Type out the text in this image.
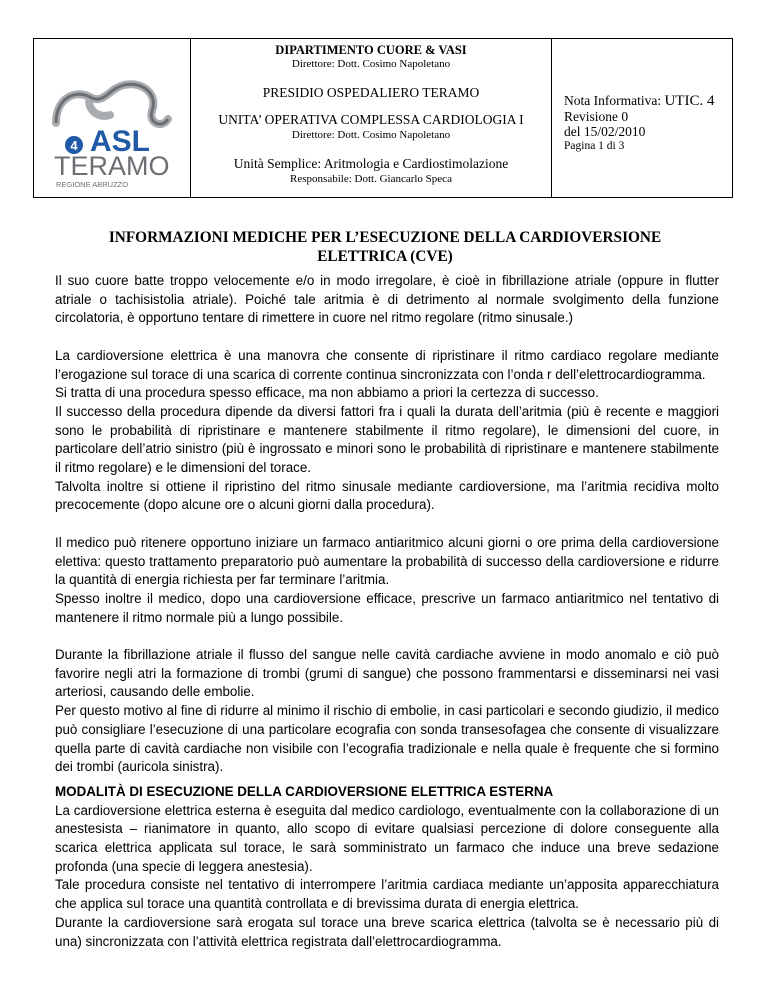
4 ASL
TERAMO
REGIONE ABRUZZO
DIPARTIMENTO CUORE & VASI
Direttore: Dott. Cosimo Napoletano
PRESIDIO OSPEDALIERO TERAMO
UNITA’ OPERATIVA COMPLESSA CARDIOLOGIA I
Direttore: Dott. Cosimo Napoletano
Unità Semplice: Aritmologia e Cardiostimolazione
Responsabile: Dott. Giancarlo Speca
Nota Informativa: UTIC. 4
Revisione 0
del 15/02/2010
Pagina 1 di 3
INFORMAZIONI MEDICHE PER L’ESECUZIONE DELLA CARDIOVERSIONE
ELETTRICA (CVE)

Il suo cuore batte troppo velocemente e/o in modo irregolare, è cioè in fibrillazione atriale (oppure in flutter atriale o tachisistolia atriale). Poiché tale aritmia è di detrimento al normale svolgimento della funzione circolatoria, è opportuno tentare di rimettere in cuore nel ritmo regolare (ritmo sinusale.)

La cardioversione elettrica è una manovra che consente di ripristinare il ritmo cardiaco regolare mediante l’erogazione sul torace di una scarica di corrente continua sincronizzata con l’onda r dell’elettrocardiogramma.

Si tratta di una procedura spesso efficace, ma non abbiamo a priori la certezza di successo.

Il successo della procedura dipende da diversi fattori fra i quali la durata dell’aritmia (più è recente e maggiori sono le probabilità di ripristinare e mantenere stabilmente il ritmo regolare), le dimensioni del cuore, in particolare dell’atrio sinistro (più è ingrossato e minori sono le probabilità di ripristinare e mantenere stabilmente il ritmo regolare) e le dimensioni del torace.

Talvolta inoltre si ottiene il ripristino del ritmo sinusale mediante cardioversione, ma l’aritmia recidiva molto precocemente (dopo alcune ore o alcuni giorni dalla procedura).

Il medico può ritenere opportuno iniziare un farmaco antiaritmico alcuni giorni o ore prima della cardioversione elettiva: questo trattamento preparatorio può aumentare la probabilità di successo della cardioversione e ridurre la quantità di energia richiesta per far terminare l’aritmia.

Spesso inoltre il medico, dopo una cardioversione efficace, prescrive un farmaco antiaritmico nel tentativo di mantenere il ritmo normale più a lungo possibile.

Durante la fibrillazione atriale il flusso del sangue nelle cavità cardiache avviene in modo anomalo e ciò può favorire negli atri la formazione di trombi (grumi di sangue) che possono frammentarsi e disseminarsi nei vasi arteriosi, causando delle embolie.

Per questo motivo al fine di ridurre al minimo il rischio di embolie, in casi particolari e secondo giudizio, il medico può consigliare l’esecuzione di una particolare ecografia con sonda transesofagea che consente di visualizzare quella parte di cavità cardiache non visibile con l’ecografia tradizionale e nella quale è frequente che si formino dei trombi (auricola sinistra).

MODALITÀ DI ESECUZIONE DELLA CARDIOVERSIONE ELETTRICA ESTERNA

La cardioversione elettrica esterna è eseguita dal medico cardiologo, eventualmente con la collaborazione di un anestesista – rianimatore in quanto, allo scopo di evitare qualsiasi percezione di dolore conseguente alla scarica elettrica applicata sul torace, le sarà somministrato un farmaco che induce una breve sedazione profonda (una specie di leggera anestesia).

Tale procedura consiste nel tentativo di interrompere l’aritmia cardiaca mediante un’apposita apparecchiatura che applica sul torace una quantità controllata e di brevissima durata di energia elettrica.

Durante la cardioversione sarà erogata sul torace una breve scarica elettrica (talvolta se è necessario più di una) sincronizzata con l’attività elettrica registrata dall’elettrocardiogramma.
